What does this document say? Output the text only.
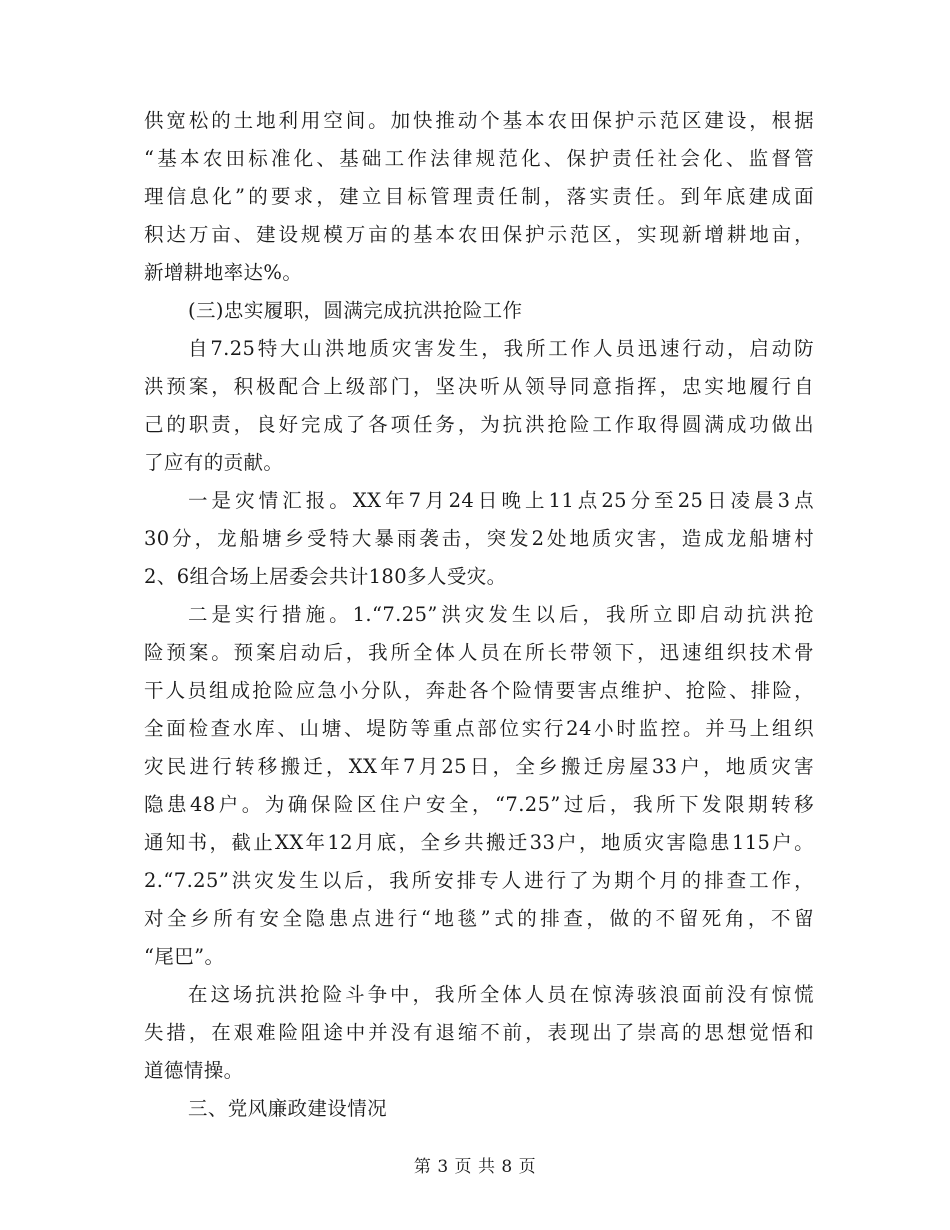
供宽松的土地利用空间。加快推动个基本农田保护示范区建设，根据
“基本农田标准化、基础工作法律规范化、保护责任社会化、监督管
理信息化”的要求，建立目标管理责任制，落实责任。到年底建成面
积达万亩、建设规模万亩的基本农田保护示范区，实现新增耕地亩，
新增耕地率达%。
(三)忠实履职，圆满完成抗洪抢险工作
自7.25特大山洪地质灾害发生，我所工作人员迅速行动，启动防
洪预案，积极配合上级部门，坚决听从领导同意指挥，忠实地履行自
己的职责，良好完成了各项任务，为抗洪抢险工作取得圆满成功做出
了应有的贡献。
一是灾情汇报。XX年7月24日晚上11点25分至25日凌晨3点
30分，龙船塘乡受特大暴雨袭击，突发2处地质灾害，造成龙船塘村
2、6组合场上居委会共计180多人受灾。
二是实行措施。1.“7.25”洪灾发生以后，我所立即启动抗洪抢
险预案。预案启动后，我所全体人员在所长带领下，迅速组织技术骨
干人员组成抢险应急小分队，奔赴各个险情要害点维护、抢险、排险，
全面检查水库、山塘、堤防等重点部位实行24小时监控。并马上组织
灾民进行转移搬迁，XX年7月25日，全乡搬迁房屋33户，地质灾害
隐患48户。为确保险区住户安全，“7.25”过后，我所下发限期转移
通知书，截止XX年12月底，全乡共搬迁33户，地质灾害隐患115户。
2.“7.25”洪灾发生以后，我所安排专人进行了为期个月的排查工作，
对全乡所有安全隐患点进行“地毯”式的排查，做的不留死角，不留
“尾巴”。
在这场抗洪抢险斗争中，我所全体人员在惊涛骇浪面前没有惊慌
失措，在艰难险阻途中并没有退缩不前，表现出了崇高的思想觉悟和
道德情操。
三、党风廉政建设情况
第 3 页 共 8 页
